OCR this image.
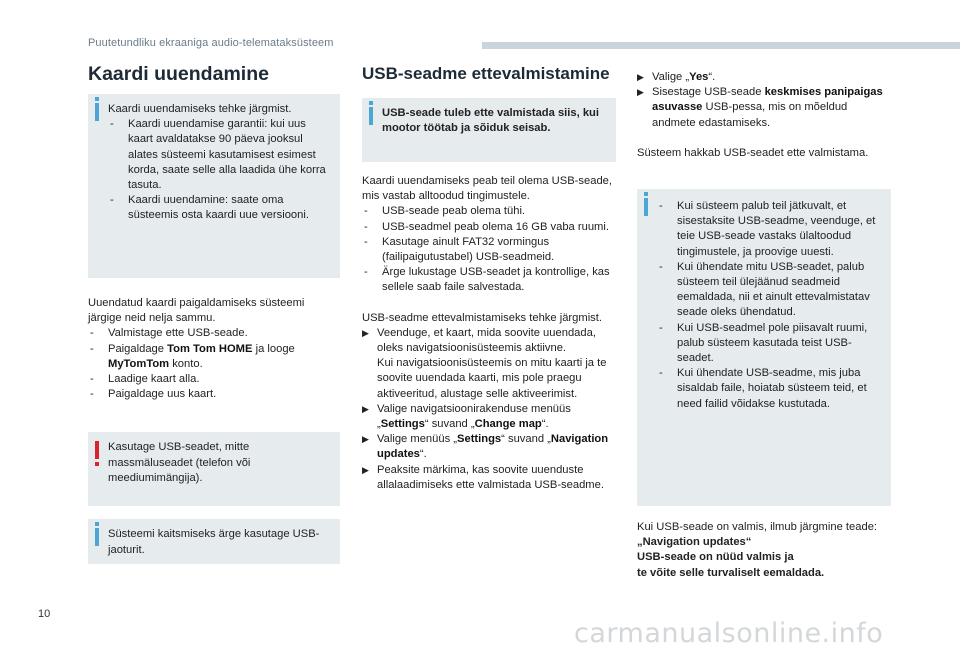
Puutetundliku ekraaniga audio-telemataksüsteem
Kaardi uuendamine

Kaardi uuendamiseks tehke järgmist.

- Kaardi uuendamise garantii: kui uus kaart avaldatakse 90 päeva jooksul alates süsteemi kasutamisest esimest korda, saate selle alla laadida ühe korra tasuta.
- Kaardi uuendamine: saate oma süsteemis osta kaardi uue versiooni.

Uuendatud kaardi paigaldamiseks süsteemi järgige neid nelja sammu.

- Valmistage ette USB-seade.
- Paigaldage Tom Tom HOME ja looge MyTomTom konto.
- Laadige kaart alla.
- Paigaldage uus kaart.

Kasutage USB-seadet, mitte massmäluseadet (telefon või meediumimängija).

Süsteemi kaitsmiseks ärge kasutage USB-jaoturit.

USB-seadme ettevalmistamine

USB-seade tuleb ette valmistada siis, kui mootor töötab ja sõiduk seisab.

Kaardi uuendamiseks peab teil olema USB-seade, mis vastab alltoodud tingimustele.

- USB-seade peab olema tühi.
- USB-seadmel peab olema 16 GB vaba ruumi.
- Kasutage ainult FAT32 vormingus (failipaigutustabel) USB-seadmeid.
- Ärge lukustage USB-seadet ja kontrollige, kas sellele saab faile salvestada.

USB-seadme ettevalmistamiseks tehke järgmist.

▶ Veenduge, et kaart, mida soovite uuendada, oleks navigatsioonisüsteemis aktiivne.
Kui navigatsioonisüsteemis on mitu kaarti ja te soovite uuendada kaarti, mis pole praegu aktiveeritud, alustage selle aktiveerimist.
▶ Valige navigatsioonirakenduse menüüs „Settings“ suvand „Change map“.
▶ Valige menüüs „Settings“ suvand „Navigation updates“.
▶ Peaksite märkima, kas soovite uuenduste allalaadimiseks ette valmistada USB-seadme.
▶ Valige „Yes“.
▶ Sisestage USB-seade keskmises panipaigas asuvasse USB-pessa, mis on mõeldud andmete edastamiseks.

Süsteem hakkab USB-seadet ette valmistama.

- Kui süsteem palub teil jätkuvalt, et sisestaksite USB-seadme, veenduge, et teie USB-seade vastaks ülaltoodud tingimustele, ja proovige uuesti.
- Kui ühendate mitu USB-seadet, palub süsteem teil ülejäänud seadmeid eemaldada, nii et ainult ettevalmistatav seade oleks ühendatud.
- Kui USB-seadmel pole piisavalt ruumi, palub süsteem kasutada teist USB-seadet.
- Kui ühendate USB-seadme, mis juba sisaldab faile, hoiatab süsteem teid, et need failid võidakse kustutada.

Kui USB-seade on valmis, ilmub järgmine teade:

„Navigation updates“

USB-seade on nüüd valmis ja

te võite selle turvaliselt eemaldada.

10
carmanualsonline.info
